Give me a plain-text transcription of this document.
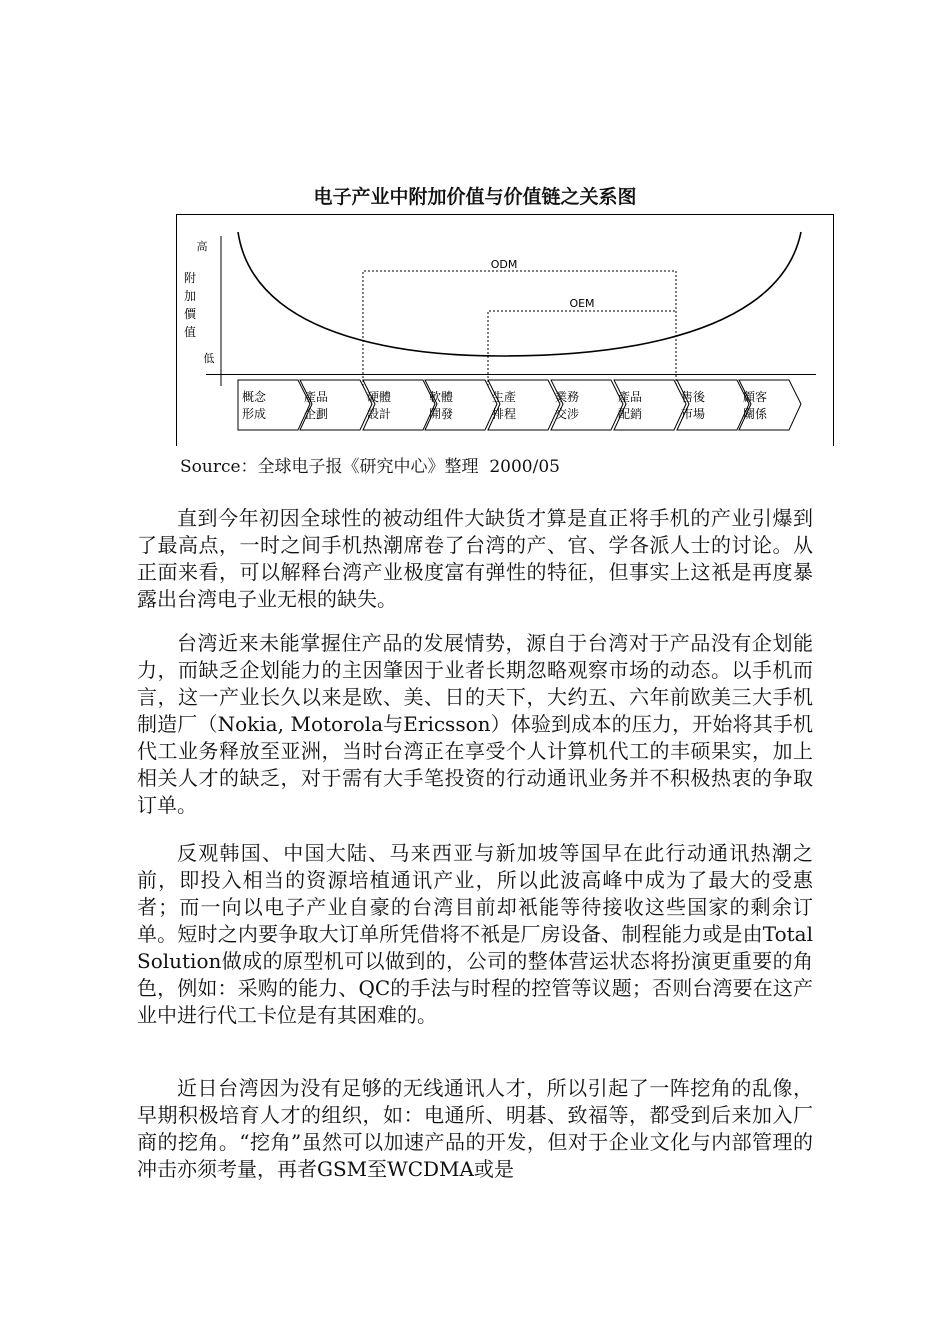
电子产业中附加价值与价值链之关系图
高
附
加
價
值
低
ODM
OEM
概念
形成
產品
企劃
硬體
設計
軟體
開發
生產
排程
業務
交涉
產品
配銷
售後
市場
顧客
關係
Source：全球电子报《研究中心》整理  2000/05

直到今年初因全球性的被动组件大缺货才算是直正将手机的产业引爆到了最高点，一时之间手机热潮席卷了台湾的产、官、学各派人士的讨论。从正面来看，可以解释台湾产业极度富有弹性的特征，但事实上这衹是再度暴露出台湾电子业无根的缺失。

台湾近来未能掌握住产品的发展情势，源自于台湾对于产品没有企划能力，而缺乏企划能力的主因肇因于业者长期忽略观察市场的动态。以手机而言，这一产业长久以来是欧、美、日的天下，大约五、六年前欧美三大手机制造厂（Nokia, Motorola与Ericsson）体验到成本的压力，开始将其手机代工业务释放至亚洲，当时台湾正在享受个人计算机代工的丰硕果实，加上相关人才的缺乏，对于需有大手笔投资的行动通讯业务并不积极热衷的争取订单。

反观韩国、中国大陆、马来西亚与新加坡等国早在此行动通讯热潮之前，即投入相当的资源培植通讯产业，所以此波高峰中成为了最大的受惠者；而一向以电子产业自豪的台湾目前却衹能等待接收这些国家的剩余订单。短时之内要争取大订单所凭借将不衹是厂房设备、制程能力或是由Total Solution做成的原型机可以做到的，公司的整体营运状态将扮演更重要的角色，例如：采购的能力、QC的手法与时程的控管等议题；否则台湾要在这产业中进行代工卡位是有其困难的。

近日台湾因为没有足够的无线通讯人才，所以引起了一阵挖角的乱像，早期积极培育人才的组织，如：电通所、明碁、致福等，都受到后来加入厂商的挖角。“挖角”虽然可以加速产品的开发，但对于企业文化与内部管理的冲击亦须考量，再者GSM至WCDMA或是
